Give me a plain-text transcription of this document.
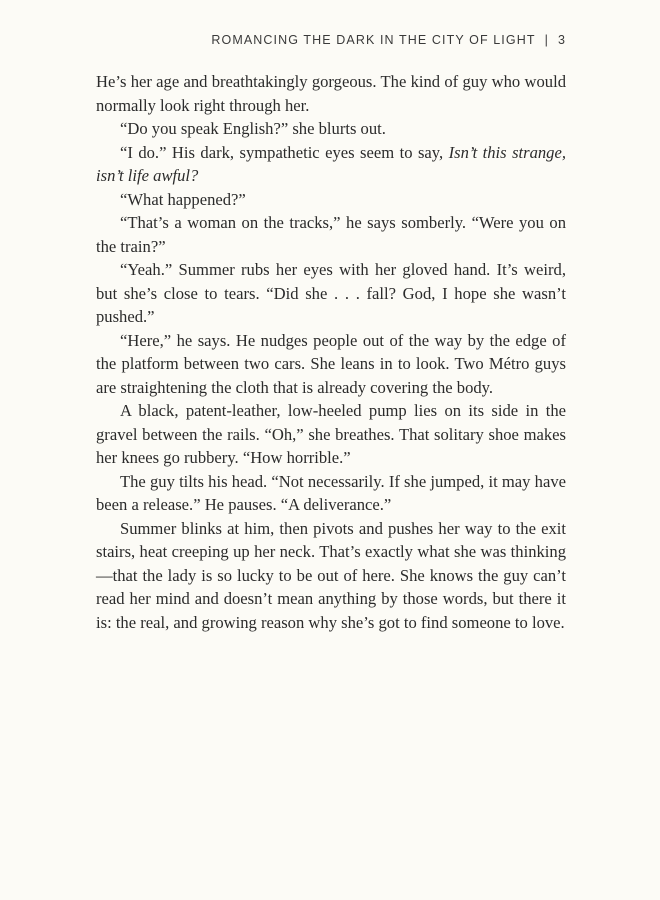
ROMANCING THE DARK IN THE CITY OF LIGHT | 3

He’s her age and breathtakingly gorgeous. The kind of guy who would normally look right through her.

“Do you speak English?” she blurts out.

“I do.” His dark, sympathetic eyes seem to say, Isn’t this strange, isn’t life awful?

“What happened?”

“That’s a woman on the tracks,” he says somberly. “Were you on the train?”

“Yeah.” Summer rubs her eyes with her gloved hand. It’s weird, but she’s close to tears. “Did she . . . fall? God, I hope she wasn’t pushed.”

“Here,” he says. He nudges people out of the way by the edge of the platform between two cars. She leans in to look. Two Métro guys are straightening the cloth that is already covering the body.

A black, patent-leather, low-heeled pump lies on its side in the gravel between the rails. “Oh,” she breathes. That solitary shoe makes her knees go rubbery. “How horrible.”

The guy tilts his head. “Not necessarily. If she jumped, it may have been a release.” He pauses. “A deliverance.”

Summer blinks at him, then pivots and pushes her way to the exit stairs, heat creeping up her neck. That’s exactly what she was thinking—that the lady is so lucky to be out of here. She knows the guy can’t read her mind and doesn’t mean anything by those words, but there it is: the real, and growing reason why she’s got to find someone to love.
